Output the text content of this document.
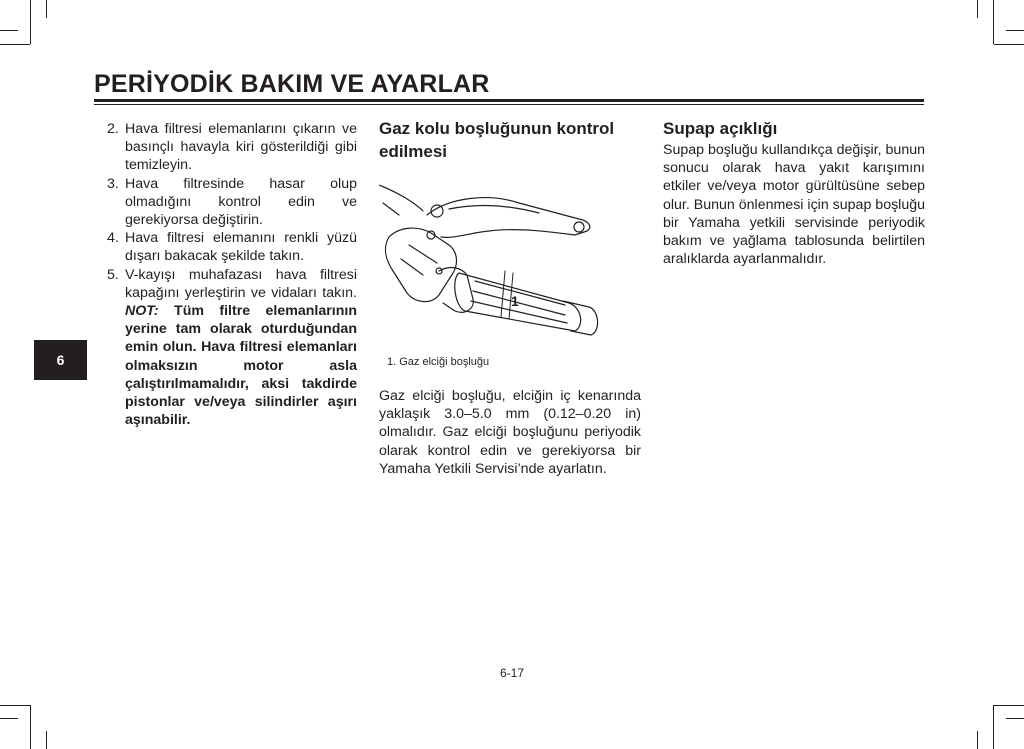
PERİYODİK BAKIM VE AYARLAR
6
2. Hava filtresi elemanlarını çıkarın ve basınçlı havayla kiri gösterildiği gibi temizleyin.
3. Hava filtresinde hasar olup olmadığını kontrol edin ve gerekiyorsa değiştirin.
4. Hava filtresi elemanını renkli yüzü dışarı bakacak şekilde takın.
5. V-kayışı muhafazası hava filtresi kapağını yerleştirin ve vidaları takın. NOT: Tüm filtre elemanlarının yerine tam olarak oturduğundan emin olun. Hava filtresi elemanları olmaksızın motor asla çalıştırılmamalıdır, aksi takdirde pistonlar ve/veya silindirler aşırı aşınabilir.
Gaz kolu boşluğunun kontrol edilmesi
1
1. Gaz elciği boşluğu
Gaz elciği boşluğu, elciğin iç kenarında yaklaşık 3.0–5.0 mm (0.12–0.20 in) olmalıdır. Gaz elciği boşluğunu periyodik olarak kontrol edin ve gerekiyorsa bir Yamaha Yetkili Servisi’nde ayarlatın.
Supap açıklığı
Supap boşluğu kullandıkça değişir, bunun sonucu olarak hava yakıt karışımını etkiler ve/veya motor gürültüsüne sebep olur. Bunun önlenmesi için supap boşluğu bir Yamaha yetkili servisinde periyodik bakım ve yağlama tablosunda belirtilen aralıklarda ayarlanmalıdır.
6-17
